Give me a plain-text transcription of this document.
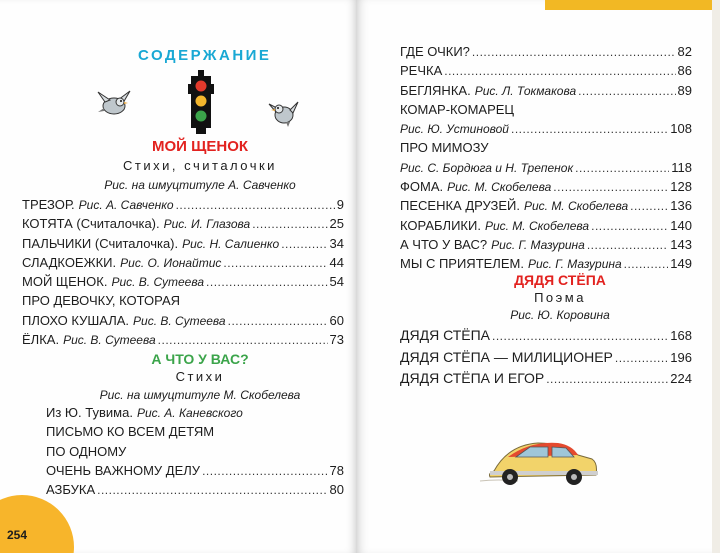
СОДЕРЖАНИЕ
МОЙ ЩЕНОК
Стихи, считалочки
Рис. на шмуцтитуле А. Савченко
ТРЕЗОР. Рис. А. Савченко .....	9
КОТЯТА (Считалочка). Рис. И. Глазова .....	25
ПАЛЬЧИКИ (Считалочка). Рис. Н. Салиенко .....	34
СЛАДКОЕЖКИ. Рис. О. Ионайтис .....	44
МОЙ ЩЕНОК. Рис. В. Сутеева .....	54
ПРО ДЕВОЧКУ, КОТОРАЯ
ПЛОХО КУШАЛА. Рис. В. Сутеева .....	60
ЁЛКА. Рис. В. Сутеева .....	73
А ЧТО У ВАС?
Стихи
Рис. на шмуцтитуле М. Скобелева
Из Ю. Тувима. Рис. А. Каневского
ПИСЬМО КО ВСЕМ ДЕТЯМ
ПО ОДНОМУ
ОЧЕНЬ ВАЖНОМУ ДЕЛУ .....	78
АЗБУКА .....	80
ГДЕ ОЧКИ? .....	82
РЕЧКА .....	86
БЕГЛЯНКА. Рис. Л. Токмакова .....	89
КОМАР-КОМАРЕЦ
Рис. Ю. Устиновой .....	108
ПРО МИМОЗУ
Рис. С. Бордюга и Н. Трепенок .....	118
ФОМА. Рис. М. Скобелева .....	128
ПЕСЕНКА ДРУЗЕЙ. Рис. М. Скобелева .....	136
КОРАБЛИКИ. Рис. М. Скобелева .....	140
А ЧТО У ВАС? Рис. Г. Мазурина .....	143
МЫ С ПРИЯТЕЛЕМ. Рис. Г. Мазурина .....	149
ДЯДЯ СТЁПА
Поэма
Рис. Ю. Коровина
ДЯДЯ СТЁПА .....	168
ДЯДЯ СТЁПА — МИЛИЦИОНЕР .....	196
ДЯДЯ СТЁПА И ЕГОР .....	224
254
